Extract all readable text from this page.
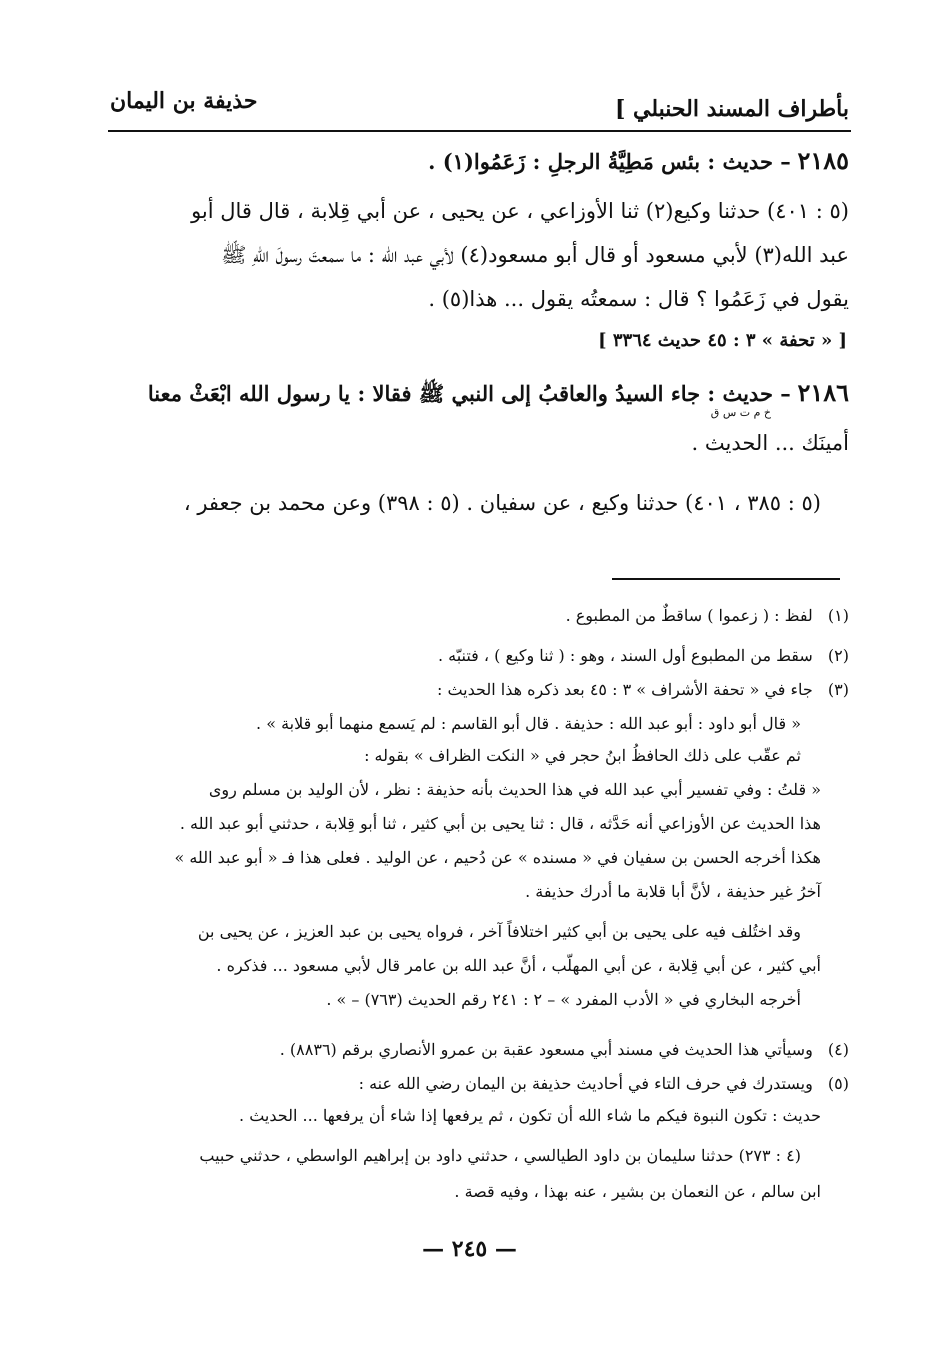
بأطراف المسند الحنبلي ]
حذيفة بن اليمان
٢١٨٥ – حديث : بئس مَطِيَّةُ الرجلِ : زَعَمُوا(١) .
(٥ : ٤٠١) حدثنا وكيع(٢) ثنا الأوزاعي ، عن يحيى ، عن أبي قِلابة ، قال قال أبو
عبد الله(٣) لأبي مسعود أو قال أبو مسعود(٤) لأبي عبد الله : ما سمعتَ رسولَ اللهِ ﷺ
يقول في زَعَمُوا ؟ قال : سمعتُه يقول ... هذا(٥) .
[ « تحفة » ٣ : ٤٥ حديث ٣٣٦٤ ]
٢١٨٦ – حديث : جاء السيدُ والعاقبُ إلى النبي ﷺ فقالا : يا رسول الله ابْعَثْ معنا
خ م ت س ق
أمينَك ... الحديث .
(٥ : ٣٨٥ ، ٤٠١) حدثنا وكيع ، عن سفيان . (٥ : ٣٩٨) وعن محمد بن جعفر ،
(١) لفظ : ( زعموا ) ساقطٌ من المطبوع .
(٢) سقط من المطبوع أول السند ، وهو : ( ثنا وكيع ) ، فتنبّه .
(٣) جاء في « تحفة الأشراف » ٣ : ٤٥ بعد ذكره هذا الحديث :
« قال أبو داود : أبو عبد الله : حذيفة . قال أبو القاسم : لم يَسمع منهما أبو قلابة » .
ثم عقّب على ذلك الحافظُ ابنُ حجر في « النكت الظراف » بقوله :
« قلتُ : وفي تفسير أبي عبد الله في هذا الحديث بأنه حذيفة : نظر ، لأن الوليد بن مسلم روى
هذا الحديث عن الأوزاعي أنه حَدَّثه ، قال : ثنا يحيى بن أبي كثير ، ثنا أبو قِلابة ، حدثني أبو عبد الله .
هكذا أخرجه الحسن بن سفيان في « مسنده » عن دُحيم ، عن الوليد . فعلى هذا فـ « أبو عبد الله »
آخرُ غير حذيفة ، لأنَّ أبا قلابة ما أدرك حذيفة .
وقد اختُلف فيه على يحيى بن أبي كثير اختلافاً آخر ، فرواه يحيى بن عبد العزيز ، عن يحيى بن
أبي كثير ، عن أبي قِلابة ، عن أبي المهلّب ، أنَّ عبد الله بن عامر قال لأبي مسعود ... فذكره .
أخرجه البخاري في « الأدب المفرد » – ٢ : ٢٤١ رقم الحديث (٧٦٣) – » .
(٤) وسيأتي هذا الحديث في مسند أبي مسعود عقبة بن عمرو الأنصاري برقم (٨٨٣٦) .
(٥) ويستدرك في حرف التاء في أحاديث حذيفة بن اليمان رضي الله عنه :
حديث : تكون النبوة فيكم ما شاء الله أن تكون ، ثم يرفعها إذا شاء أن يرفعها ... الحديث .
(٤ : ٢٧٣) حدثنا سليمان بن داود الطيالسي ، حدثني داود بن إبراهيم الواسطي ، حدثني حبيب
ابن سالم ، عن النعمان بن بشير ، عنه بهذا ، وفيه قصة .
— ٢٤٥ —
